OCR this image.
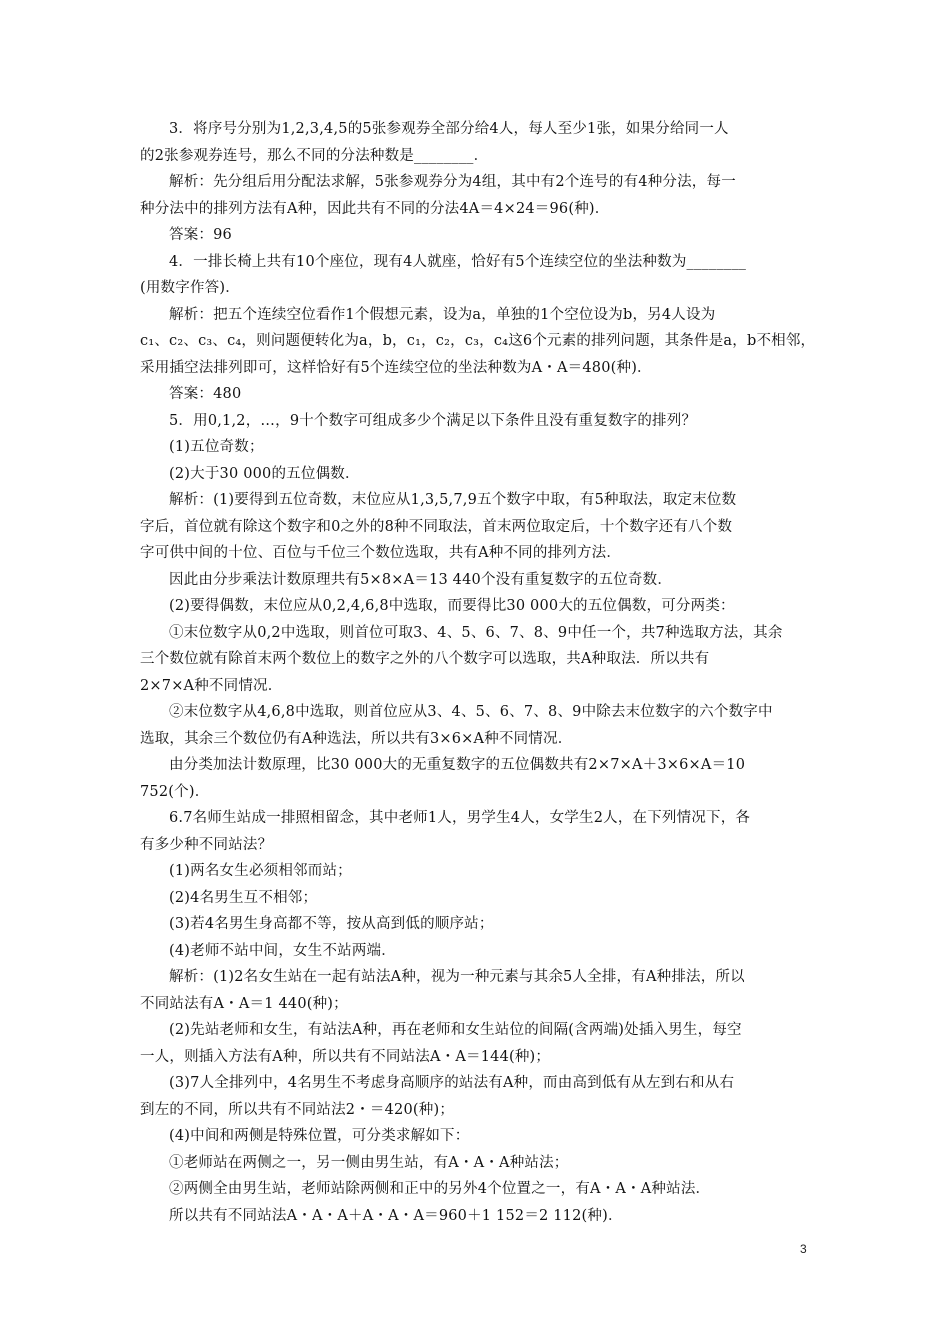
3．将序号分别为1,2,3,4,5的5张参观券全部分给4人，每人至少1张，如果分给同一人
的2张参观券连号，那么不同的分法种数是________．
解析：先分组后用分配法求解，5张参观券分为4组，其中有2个连号的有4种分法，每一
种分法中的排列方法有A种，因此共有不同的分法4A＝4×24＝96(种)．
答案：96
4．一排长椅上共有10个座位，现有4人就座，恰好有5个连续空位的坐法种数为________
(用数字作答)．
解析：把五个连续空位看作1个假想元素，设为a，单独的1个空位设为b，另4人设为
c₁、c₂、c₃、c₄，则问题便转化为a，b，c₁，c₂，c₃，c₄这6个元素的排列问题，其条件是a，b不相邻，
采用插空法排列即可，这样恰好有5个连续空位的坐法种数为A・A＝480(种)．
答案：480
5．用0,1,2，…，9十个数字可组成多少个满足以下条件且没有重复数字的排列？
(1)五位奇数；
(2)大于30 000的五位偶数．
解析：(1)要得到五位奇数，末位应从1,3,5,7,9五个数字中取，有5种取法，取定末位数
字后，首位就有除这个数字和0之外的8种不同取法，首末两位取定后，十个数字还有八个数
字可供中间的十位、百位与千位三个数位选取，共有A种不同的排列方法．
因此由分步乘法计数原理共有5×8×A＝13 440个没有重复数字的五位奇数．
(2)要得偶数，末位应从0,2,4,6,8中选取，而要得比30 000大的五位偶数，可分两类：
①末位数字从0,2中选取，则首位可取3、4、5、6、7、8、9中任一个，共7种选取方法，其余
三个数位就有除首末两个数位上的数字之外的八个数字可以选取，共A种取法．所以共有
2×7×A种不同情况．
②末位数字从4,6,8中选取，则首位应从3、4、5、6、7、8、9中除去末位数字的六个数字中
选取，其余三个数位仍有A种选法，所以共有3×6×A种不同情况．
由分类加法计数原理，比30 000大的无重复数字的五位偶数共有2×7×A＋3×6×A＝10
752(个)．
6.7名师生站成一排照相留念，其中老师1人，男学生4人，女学生2人，在下列情况下，各
有多少种不同站法？
(1)两名女生必须相邻而站；
(2)4名男生互不相邻；
(3)若4名男生身高都不等，按从高到低的顺序站；
(4)老师不站中间，女生不站两端．
解析：(1)2名女生站在一起有站法A种，视为一种元素与其余5人全排，有A种排法，所以
不同站法有A・A＝1 440(种)；
(2)先站老师和女生，有站法A种，再在老师和女生站位的间隔(含两端)处插入男生，每空
一人，则插入方法有A种，所以共有不同站法A・A＝144(种)；
(3)7人全排列中，4名男生不考虑身高顺序的站法有A种，而由高到低有从左到右和从右
到左的不同，所以共有不同站法2・＝420(种)；
(4)中间和两侧是特殊位置，可分类求解如下：
①老师站在两侧之一，另一侧由男生站，有A・A・A种站法；
②两侧全由男生站，老师站除两侧和正中的另外4个位置之一，有A・A・A种站法．
所以共有不同站法A・A・A＋A・A・A＝960＋1 152＝2 112(种)．
3
